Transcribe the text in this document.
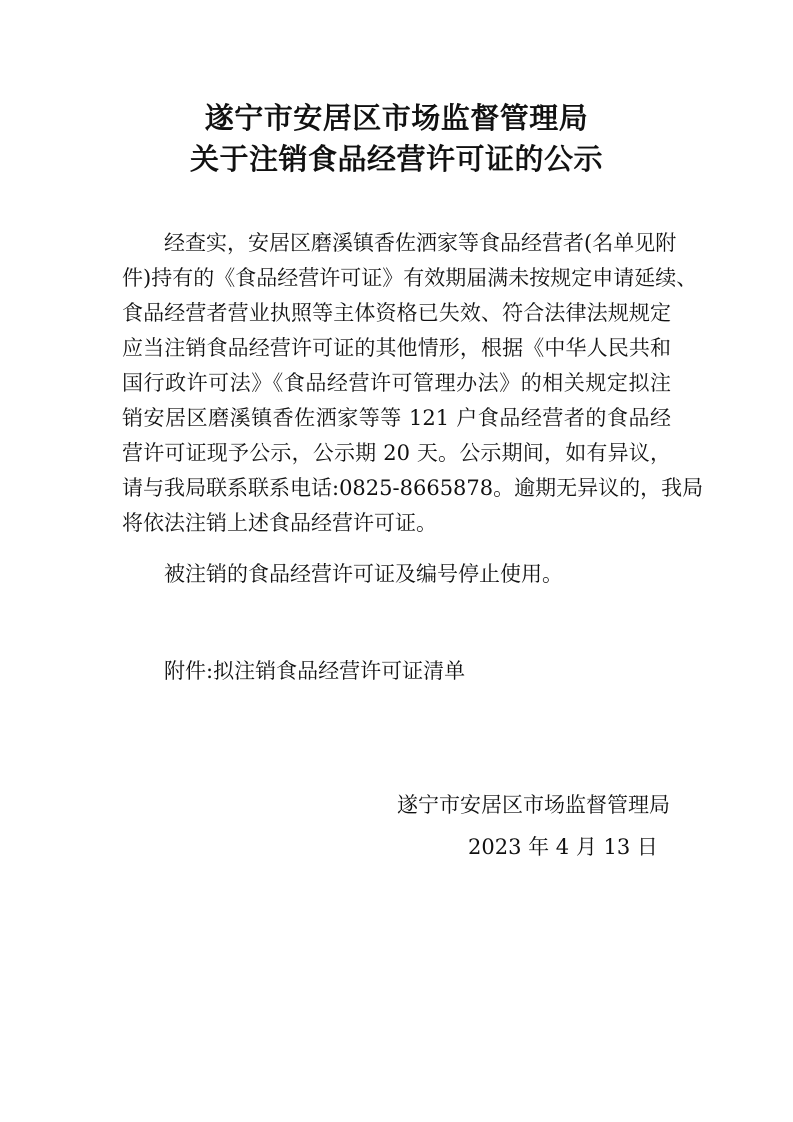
遂宁市安居区市场监督管理局
关于注销食品经营许可证的公示
经查实，安居区磨溪镇香佐洒家等食品经营者(名单见附
件)持有的《食品经营许可证》有效期届满未按规定申请延续、
食品经营者营业执照等主体资格已失效、符合法律法规规定
应当注销食品经营许可证的其他情形，根据《中华人民共和
国行政许可法》《食品经营许可管理办法》的相关规定拟注
销安居区磨溪镇香佐洒家等等 121 户食品经营者的食品经
营许可证现予公示，公示期 20 天。公示期间，如有异议，
请与我局联系联系电话:0825-8665878。逾期无异议的，我局
将依法注销上述食品经营许可证。
被注销的食品经营许可证及编号停止使用。
附件:拟注销食品经营许可证清单
遂宁市安居区市场监督管理局
2023 年 4 月 13 日
